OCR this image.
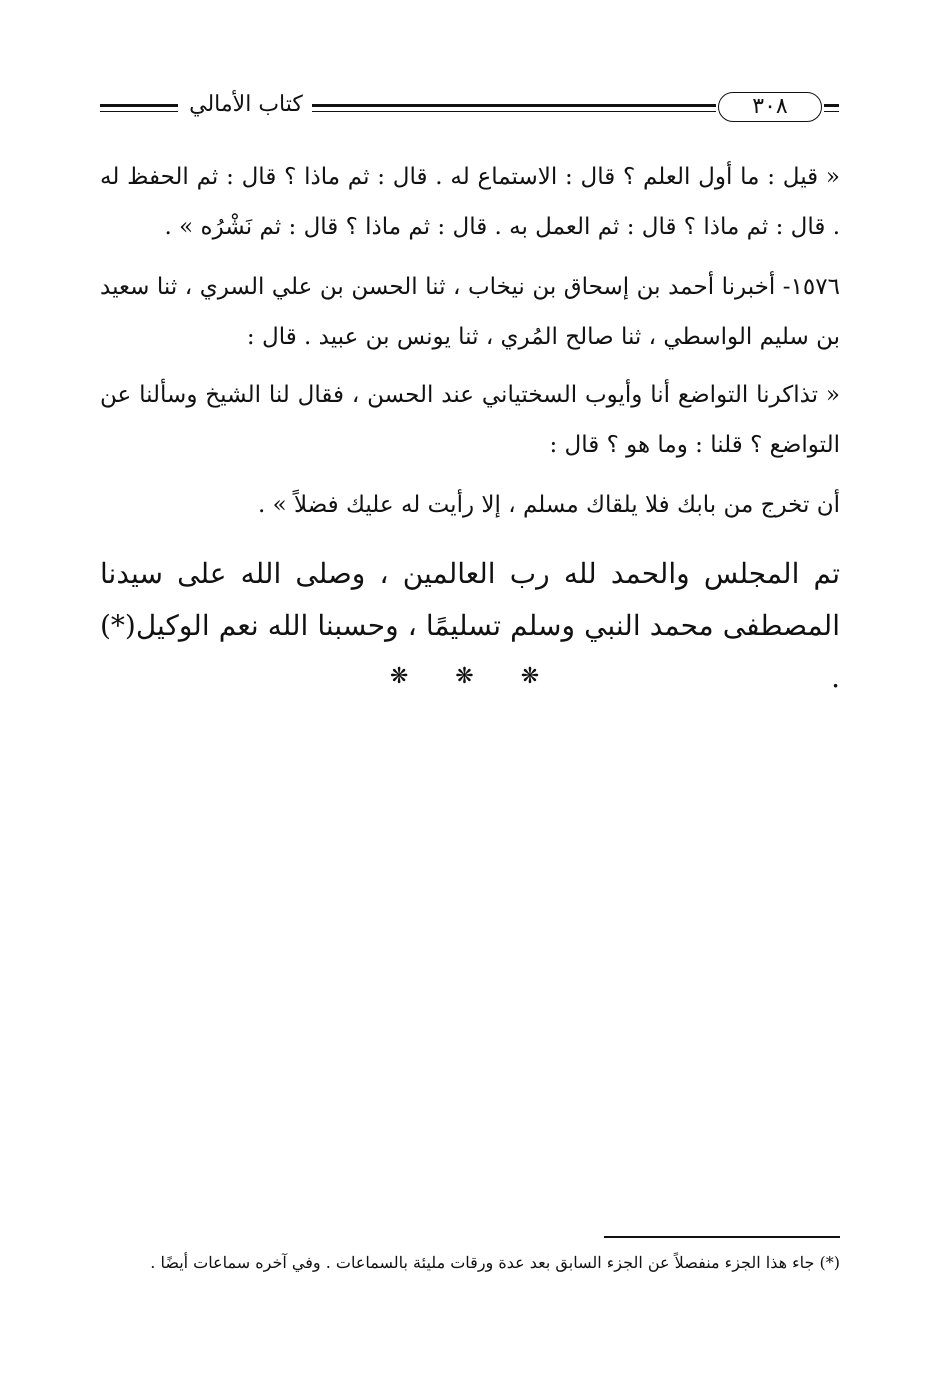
كتاب الأمالي	٣٠٨

« قيل : ما أول العلم ؟ قال : الاستماع له . قال : ثم ماذا ؟ قال : ثم الحفظ له . قال : ثم ماذا ؟ قال : ثم العمل به . قال : ثم ماذا ؟ قال : ثم نَشْرُه » .

١٥٧٦- أخبرنا أحمد بن إسحاق بن نيخاب ، ثنا الحسن بن علي السري ، ثنا سعيد بن سليم الواسطي ، ثنا صالح المُري ، ثنا يونس بن عبيد . قال :

« تذاكرنا التواضع أنا وأيوب السختياني عند الحسن ، فقال لنا الشيخ وسألنا عن التواضع ؟ قلنا : وما هو ؟ قال :

أن تخرج من بابك فلا يلقاك مسلم ، إلا رأيت له عليك فضلاً » .

تم المجلس والحمد لله رب العالمين ، وصلى الله على سيدنا المصطفى محمد النبي وسلم تسليمًا ، وحسبنا الله نعم الوكيل(*) .

❋ ❋ ❋

(*) جاء هذا الجزء منفصلاً عن الجزء السابق بعد عدة ورقات مليئة بالسماعات . وفي آخره سماعات أيضًا .
